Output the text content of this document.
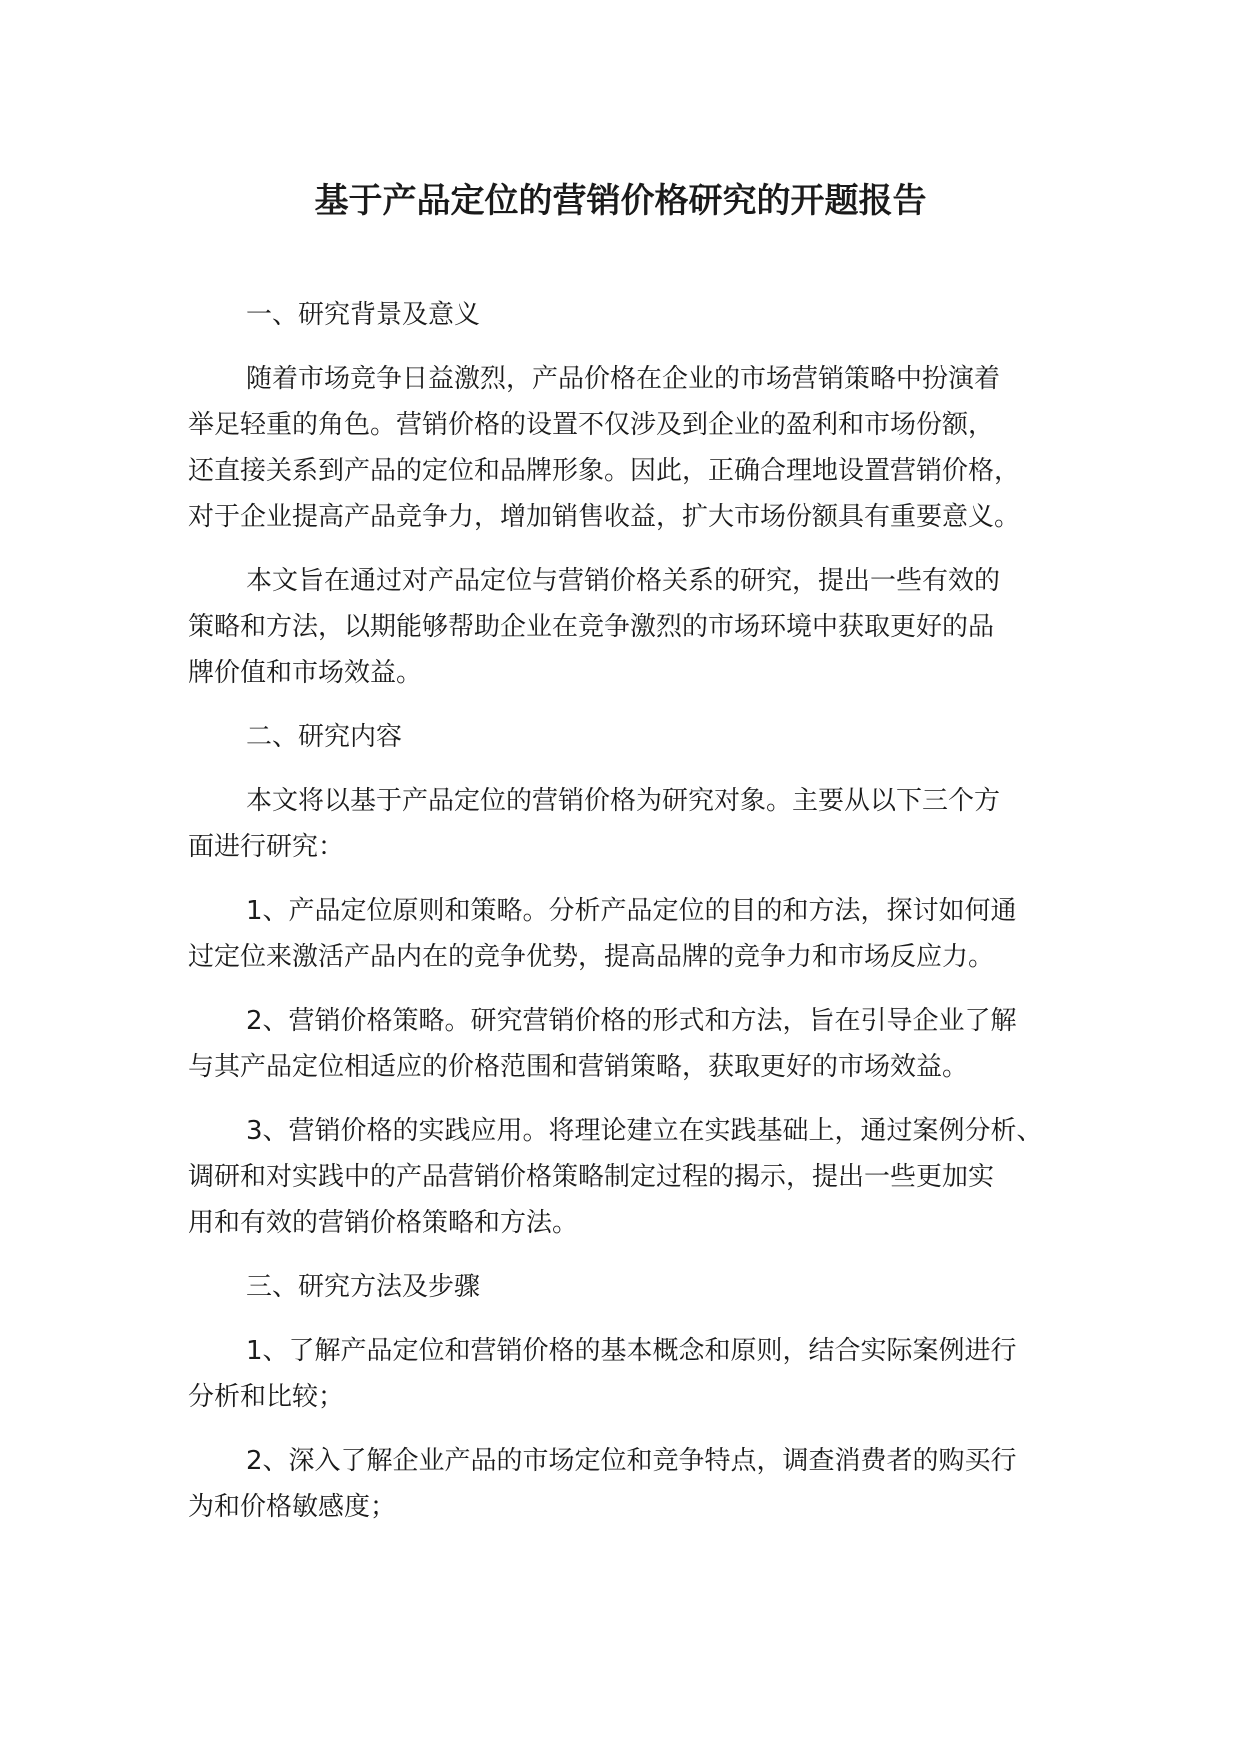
基于产品定位的营销价格研究的开题报告
一、研究背景及意义
随着市场竞争日益激烈，产品价格在企业的市场营销策略中扮演着
举足轻重的角色。营销价格的设置不仅涉及到企业的盈利和市场份额，
还直接关系到产品的定位和品牌形象。因此，正确合理地设置营销价格，
对于企业提高产品竞争力，增加销售收益，扩大市场份额具有重要意义。
本文旨在通过对产品定位与营销价格关系的研究，提出一些有效的
策略和方法，以期能够帮助企业在竞争激烈的市场环境中获取更好的品
牌价值和市场效益。
二、研究内容
本文将以基于产品定位的营销价格为研究对象。主要从以下三个方
面进行研究：
1、产品定位原则和策略。分析产品定位的目的和方法，探讨如何通
过定位来激活产品内在的竞争优势，提高品牌的竞争力和市场反应力。
2、营销价格策略。研究营销价格的形式和方法，旨在引导企业了解
与其产品定位相适应的价格范围和营销策略，获取更好的市场效益。
3、营销价格的实践应用。将理论建立在实践基础上，通过案例分析、
调研和对实践中的产品营销价格策略制定过程的揭示，提出一些更加实
用和有效的营销价格策略和方法。
三、研究方法及步骤
1、了解产品定位和营销价格的基本概念和原则，结合实际案例进行
分析和比较；
2、深入了解企业产品的市场定位和竞争特点，调查消费者的购买行
为和价格敏感度；
